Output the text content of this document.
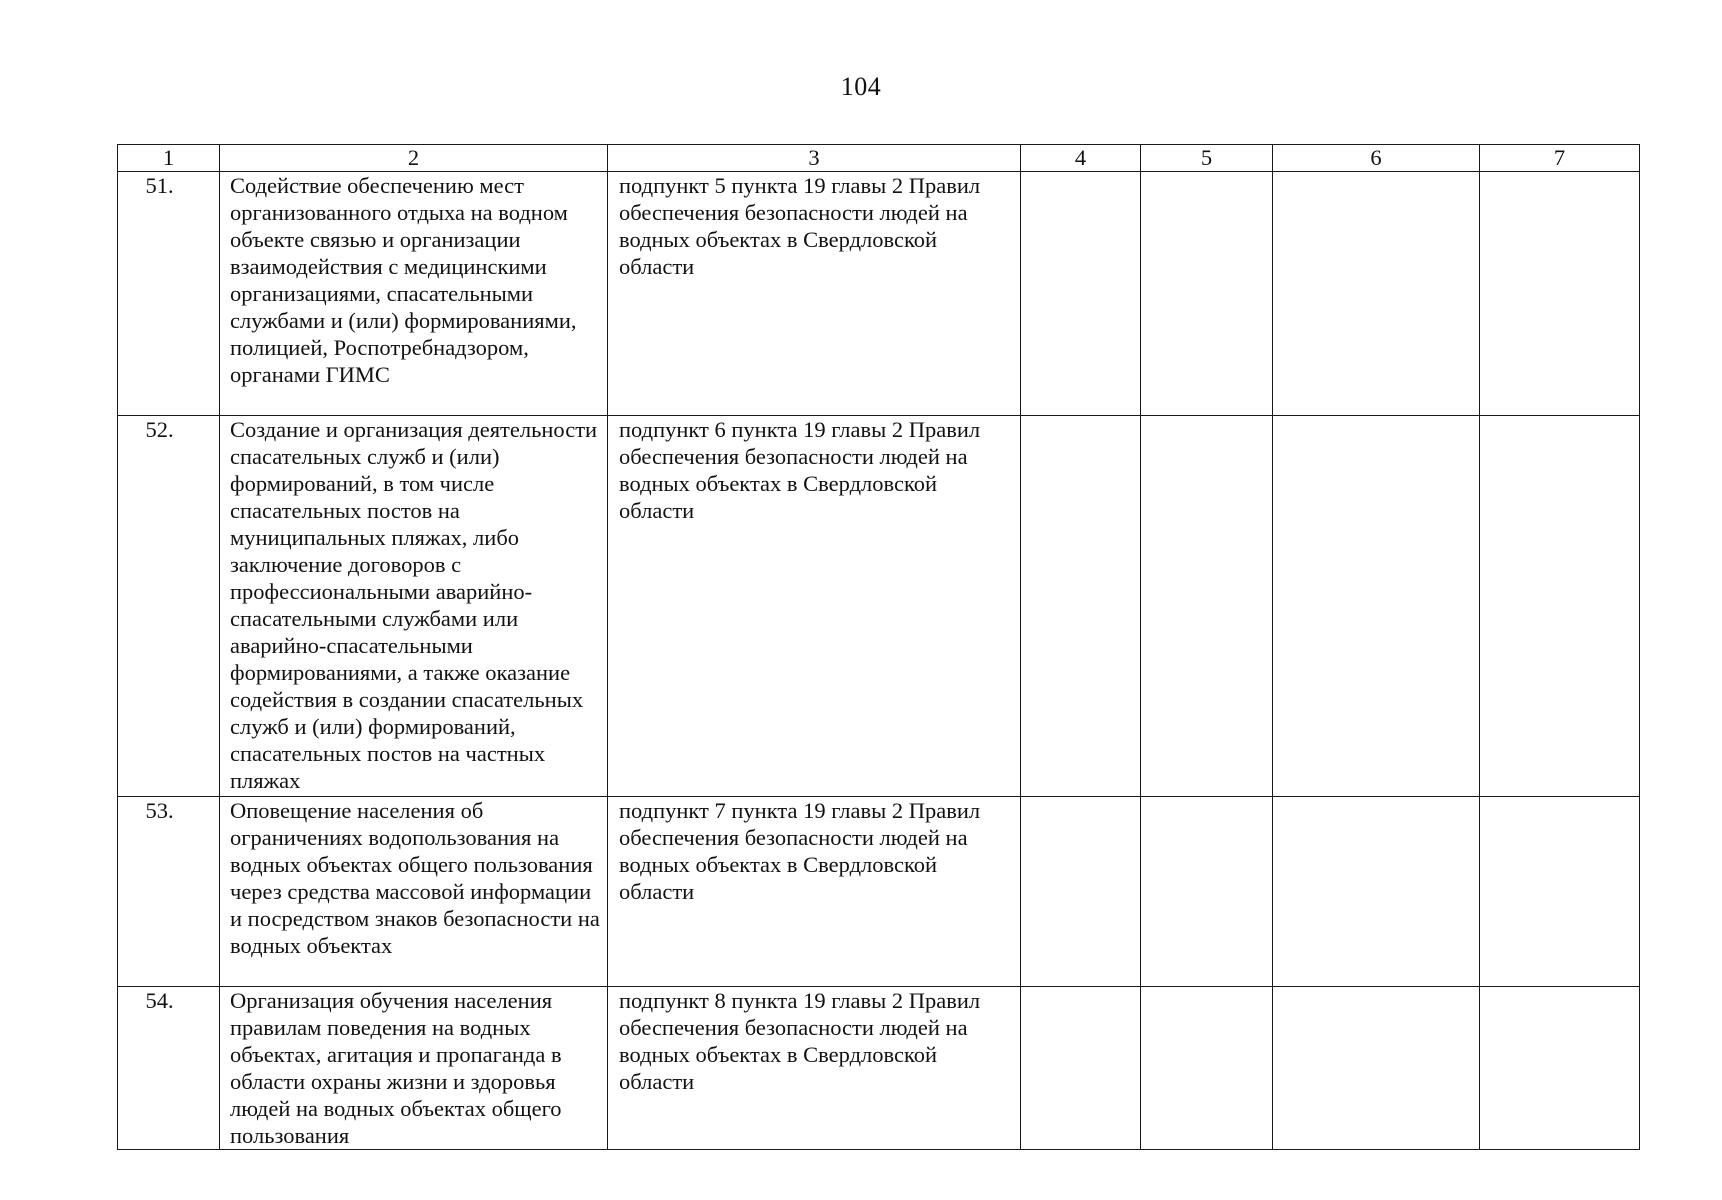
104
1	2	3	4	5	6	7
51.	Содействие обеспечению мест организованного отдыха на водном объекте связью и организации взаимодействия с медицинскими организациями, спасательными службами и (или) формированиями, полицией, Роспотребнадзором, органами ГИМС	подпункт 5 пункта 19 главы 2 Правил обеспечения безопасности людей на водных объектах в Свердловской области				
52.	Создание и организация деятельности спасательных служб и (или) формирований, в том числе спасательных постов на муниципальных пляжах, либо заключение договоров с профессиональными аварийно-спасательными службами или аварийно-спасательными формированиями, а также оказание содействия в создании спасательных служб и (или) формирований, спасательных постов на частных пляжах	подпункт 6 пункта 19 главы 2 Правил обеспечения безопасности людей на водных объектах в Свердловской области				
53.	Оповещение населения об ограничениях водопользования на водных объектах общего пользования через средства массовой информации и посредством знаков безопасности на водных объектах	подпункт 7 пункта 19 главы 2 Правил обеспечения безопасности людей на водных объектах в Свердловской области				
54.	Организация обучения населения правилам поведения на водных объектах, агитация и пропаганда в области охраны жизни и здоровья людей на водных объектах общего пользования	подпункт 8 пункта 19 главы 2 Правил обеспечения безопасности людей на водных объектах в Свердловской области				
